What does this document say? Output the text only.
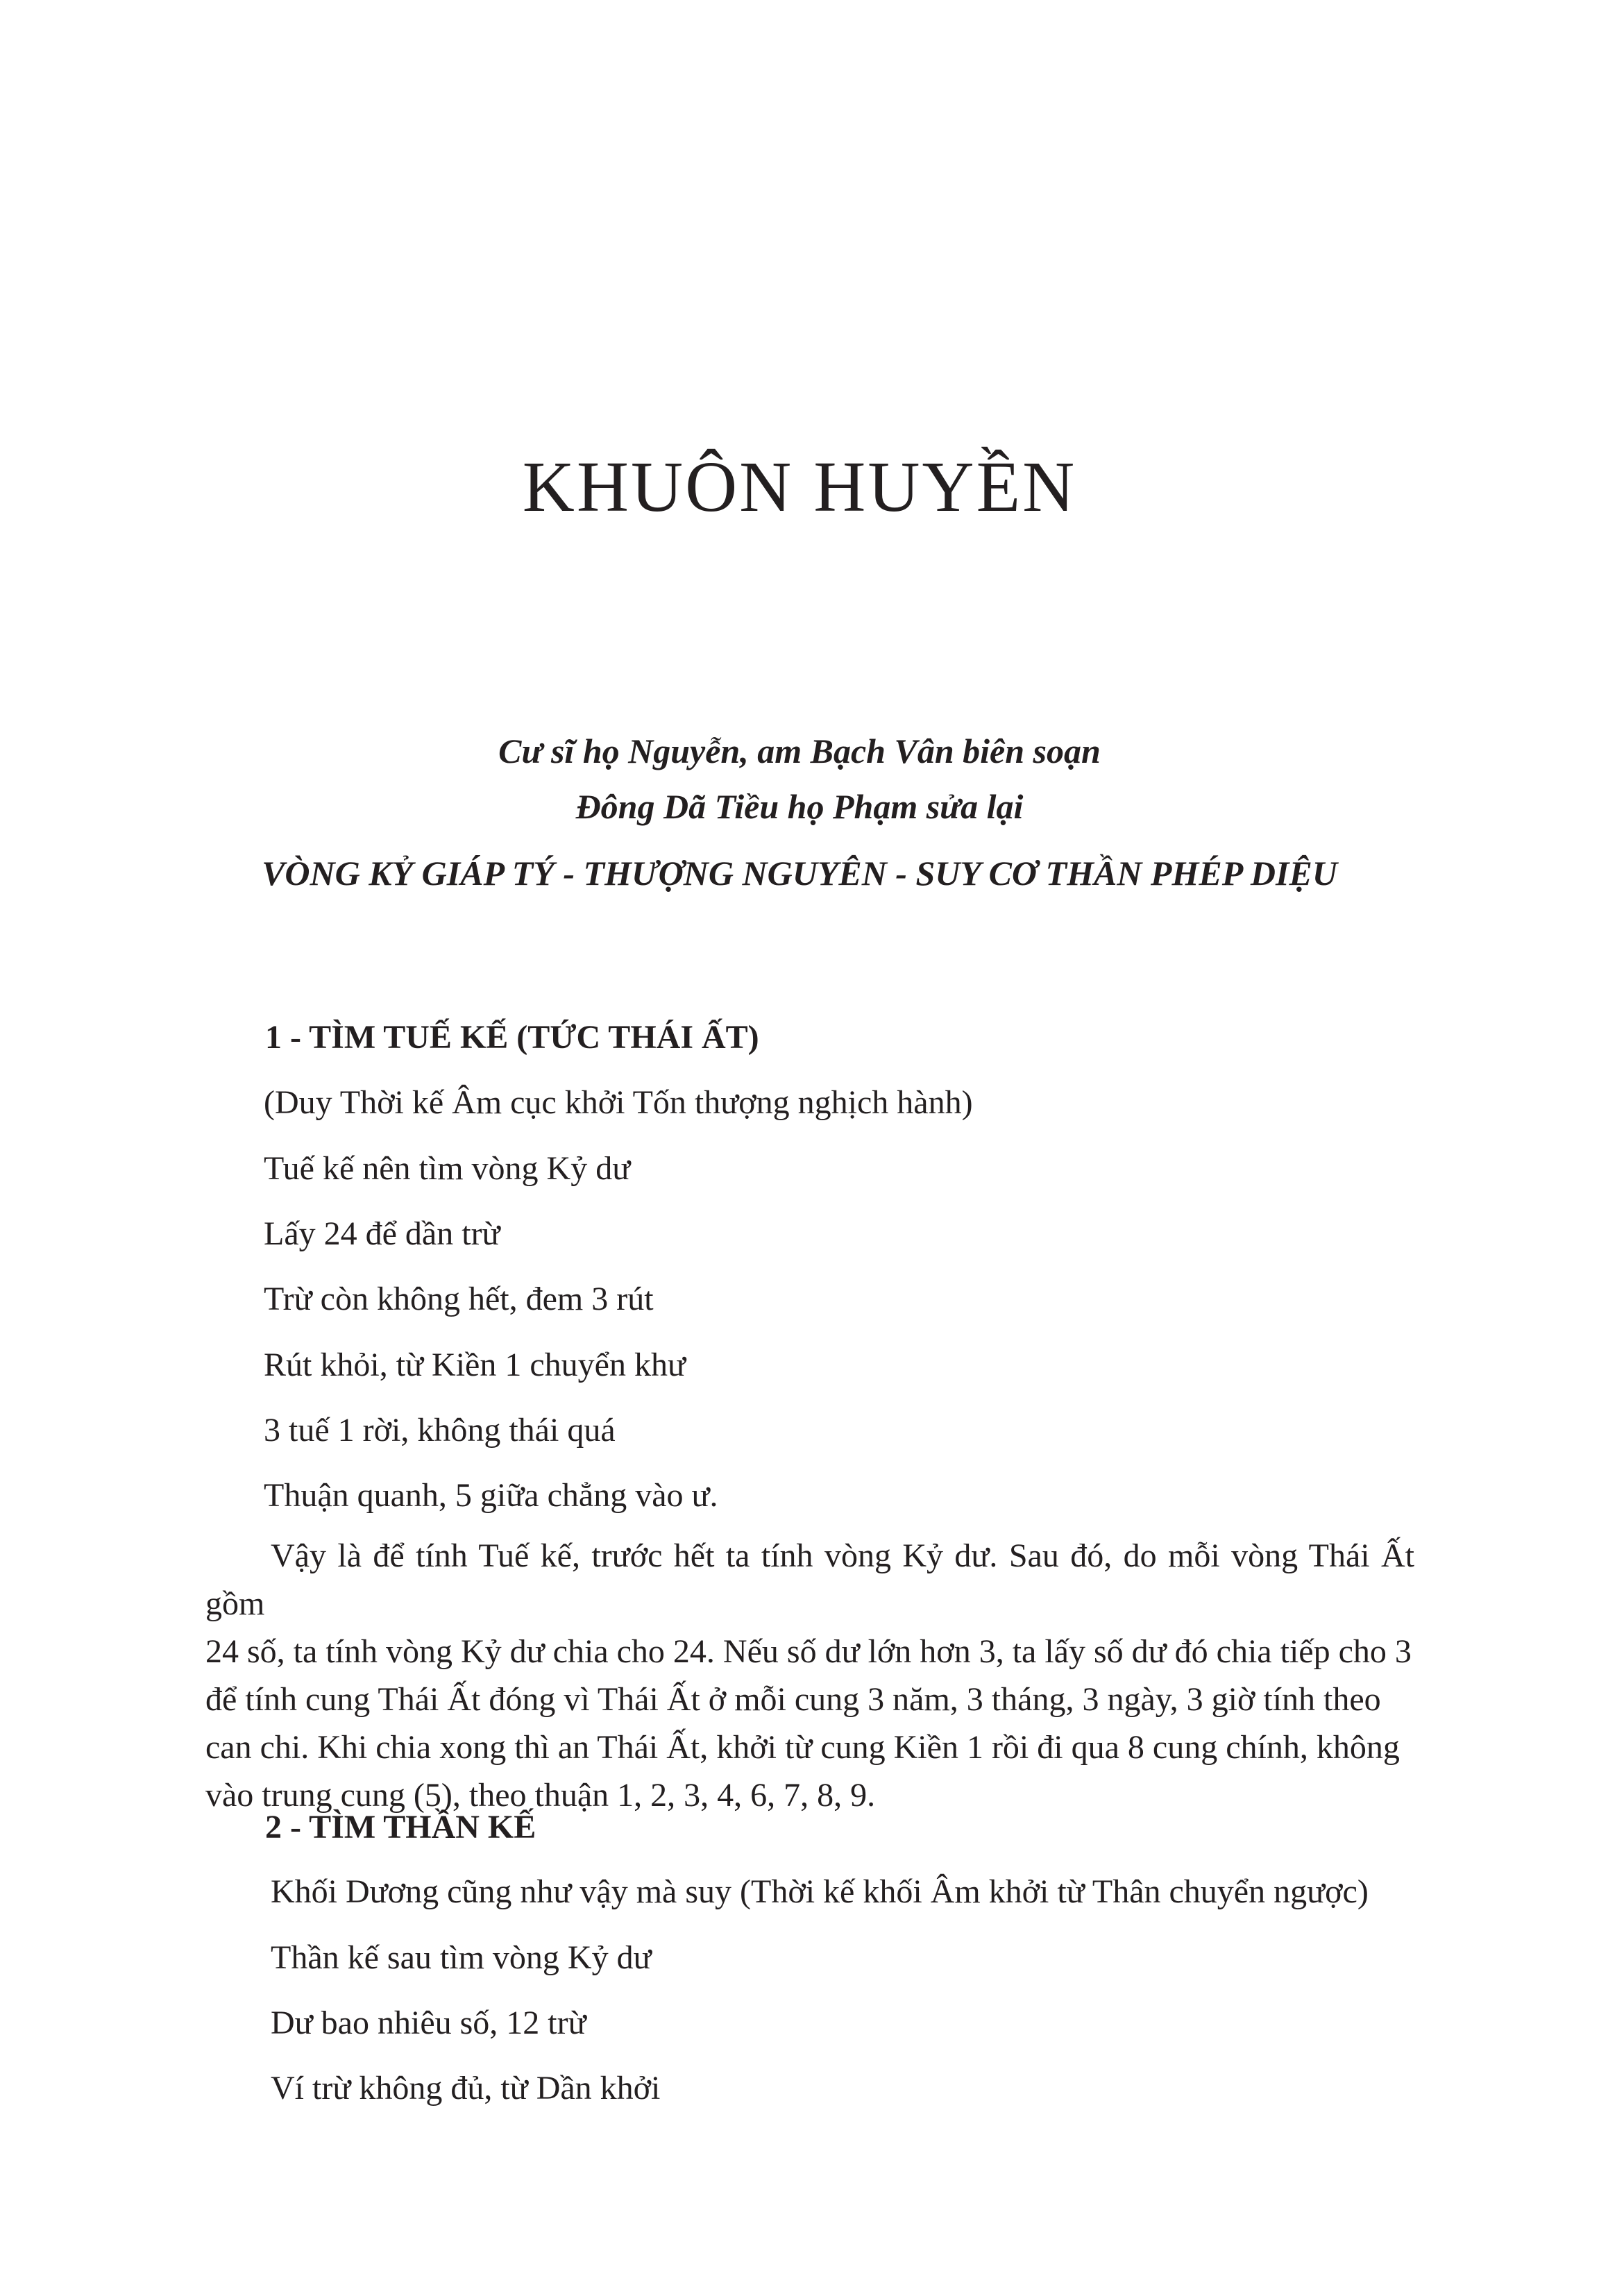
KHUÔN HUYỀN
Cư sĩ họ Nguyễn, am Bạch Vân biên soạn
Đông Dã Tiều họ Phạm sửa lại
VÒNG KỶ GIÁP TÝ - THƯỢNG NGUYÊN - SUY CƠ THẦN PHÉP DIỆU
1 - TÌM TUẾ KẾ (TỨC THÁI ẤT)
(Duy Thời kế Âm cục khởi Tốn thượng nghịch hành)
Tuế kế nên tìm vòng Kỷ dư
Lấy 24 để dần trừ
Trừ còn không hết, đem 3 rút
Rút khỏi, từ Kiền 1 chuyển khư
3 tuế 1 rời, không thái quá
Thuận quanh, 5 giữa chẳng vào ư.
Vậy là để tính Tuế kế, trước hết ta tính vòng Kỷ dư. Sau đó, do mỗi vòng Thái Ất gồm
24 số, ta tính vòng Kỷ dư chia cho 24. Nếu số dư lớn hơn 3, ta lấy số dư đó chia tiếp cho 3
để tính cung Thái Ất đóng vì Thái Ất ở mỗi cung 3 năm, 3 tháng, 3 ngày, 3 giờ tính theo
can chi. Khi chia xong thì an Thái Ất, khởi từ cung Kiền 1 rồi đi qua 8 cung chính, không
vào trung cung (5), theo thuận 1, 2, 3, 4, 6, 7, 8, 9.
2 - TÌM THẦN KẾ
Khối Dương cũng như vậy mà suy (Thời kế khối Âm khởi từ Thân chuyển ngược)
Thần kế sau tìm vòng Kỷ dư
Dư bao nhiêu số, 12 trừ
Ví trừ không đủ, từ Dần khởi
